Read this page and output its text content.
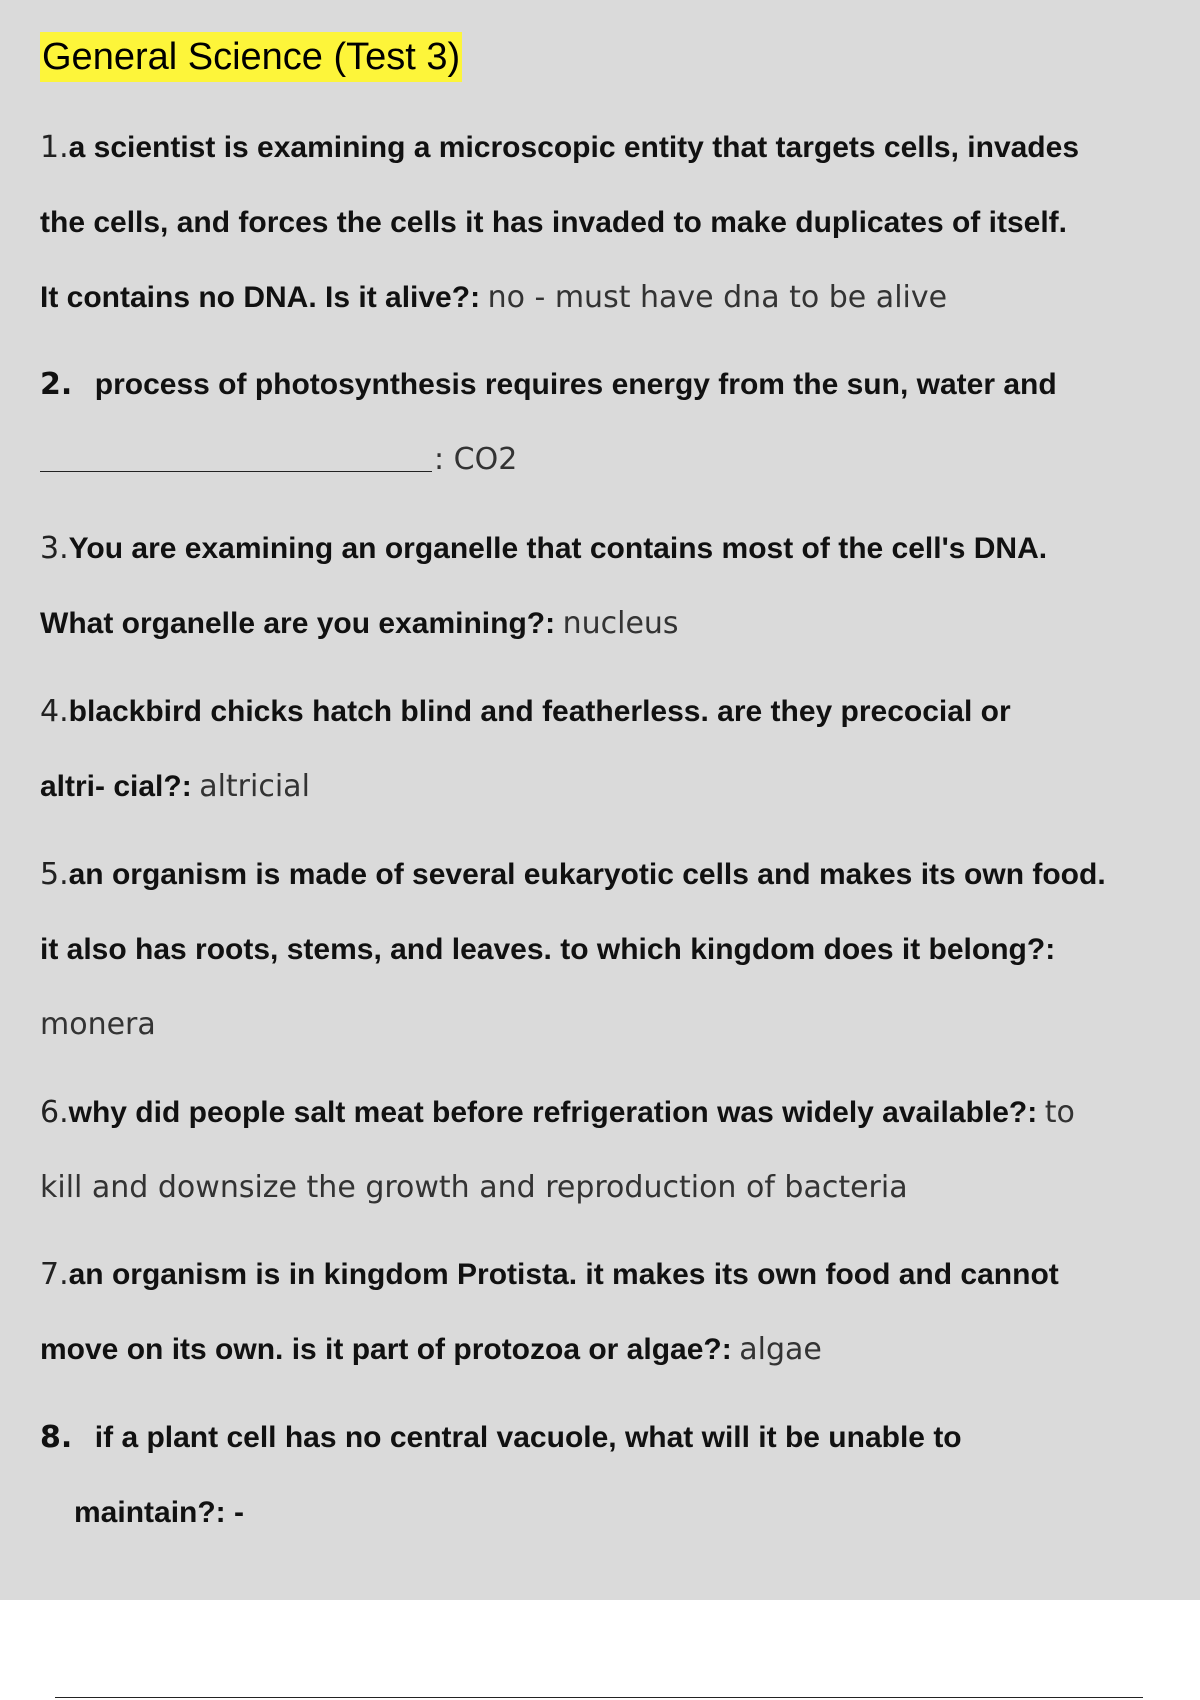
General Science (Test 3)
1.a scientist is examining a microscopic entity that targets cells, invades
the cells, and forces the cells it has invaded to make duplicates of itself.
It contains no DNA. Is it alive?: no - must have dna to be alive
2. process of photosynthesis requires energy from the sun, water and
: CO2
3.You are examining an organelle that contains most of the cell's DNA.
What organelle are you examining?: nucleus
4.blackbird chicks hatch blind and featherless. are they precocial or
altri- cial?: altricial
5.an organism is made of several eukaryotic cells and makes its own food.
it also has roots, stems, and leaves. to which kingdom does it belong?:
monera
6.why did people salt meat before refrigeration was widely available?: to
kill and downsize the growth and reproduction of bacteria
7.an organism is in kingdom Protista. it makes its own food and cannot
move on its own. is it part of protozoa or algae?: algae
8. if a plant cell has no central vacuole, what will it be unable to
maintain?: -
